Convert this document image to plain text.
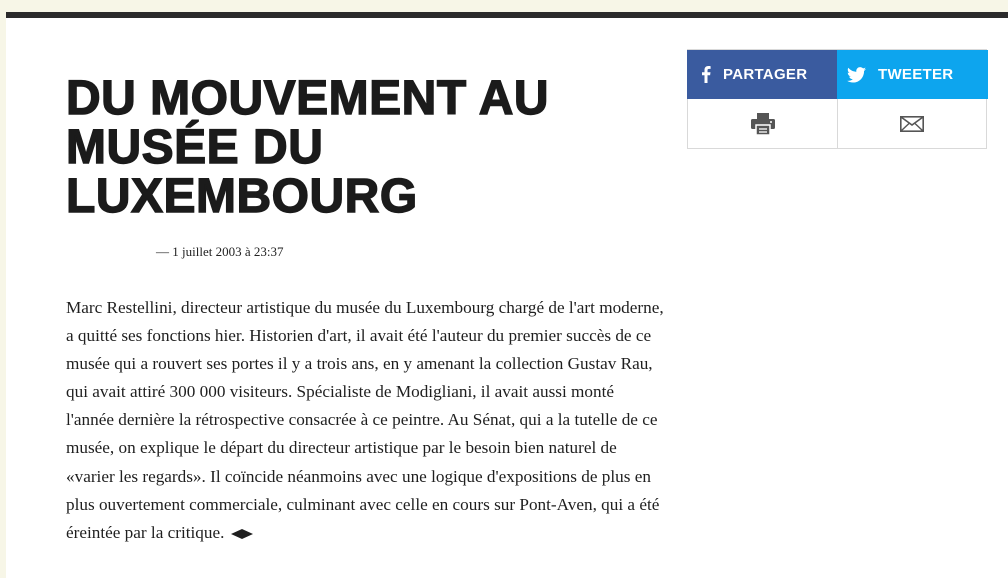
DU MOUVEMENT AU MUSÉE DU LUXEMBOURG
— 1 juillet 2003 à 23:37

Marc Restellini, directeur artistique du musée du Luxembourg chargé de l'art moderne, a quitté ses fonctions hier. Historien d'art, il avait été l'auteur du premier succès de ce musée qui a rouvert ses portes il y a trois ans, en y amenant la collection Gustav Rau, qui avait attiré 300 000 visiteurs. Spécialiste de Modigliani, il avait aussi monté l'année dernière la rétrospective consacrée à ce peintre. Au Sénat, qui a la tutelle de ce musée, on explique le départ du directeur artistique par le besoin bien naturel de «varier les regards». Il coïncide néanmoins avec une logique d'expositions de plus en plus ouvertement commerciale, culminant avec celle en cours sur Pont-Aven, qui a été éreintée par la critique.

PARTAGER	TWEETER
